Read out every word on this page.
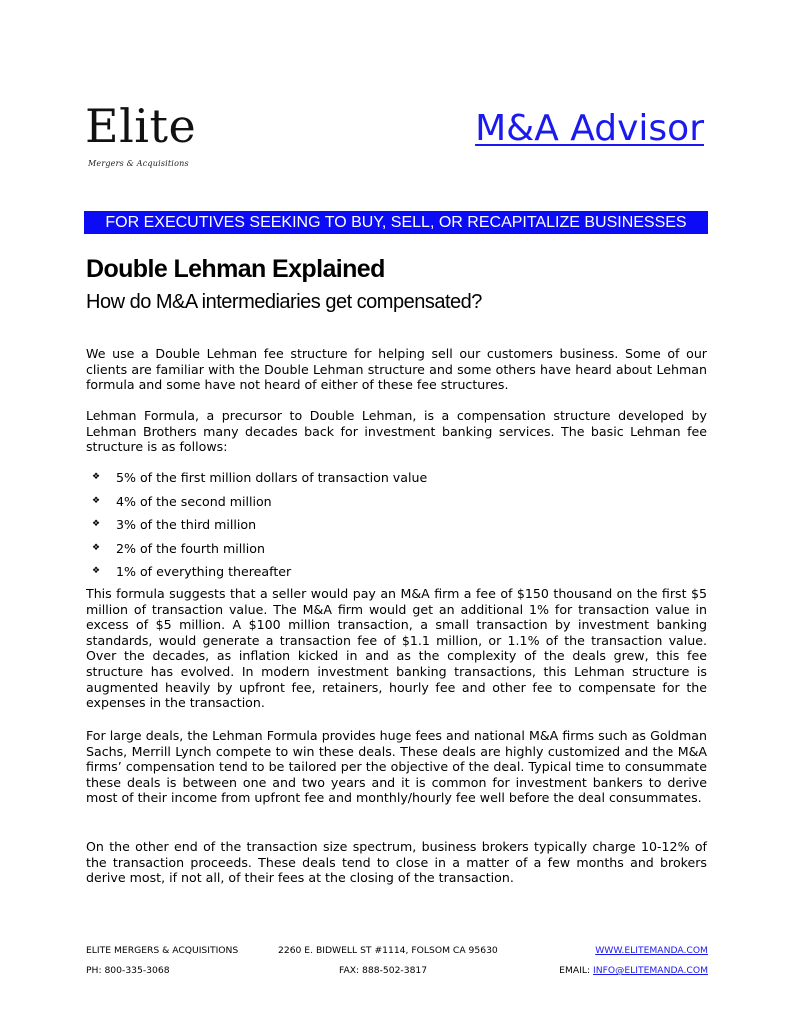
Elite
Mergers & Acquisitions
M&A Advisor
FOR EXECUTIVES SEEKING TO BUY, SELL, OR RECAPITALIZE BUSINESSES
Double Lehman Explained
How do M&A intermediaries get compensated?

We use a Double Lehman fee structure for helping sell our customers business. Some of our clients are familiar with the Double Lehman structure and some others have heard about Lehman formula and some have not heard of either of these fee structures.

Lehman Formula, a precursor to Double Lehman, is a compensation structure developed by Lehman Brothers many decades back for investment banking services. The basic Lehman fee structure is as follows:

❖	5% of the first million dollars of transaction value
❖	4% of the second million
❖	3% of the third million
❖	2% of the fourth million
❖	1% of everything thereafter

This formula suggests that a seller would pay an M&A firm a fee of $150 thousand on the first $5 million of transaction value. The M&A firm would get an additional 1% for transaction value in excess of $5 million. A $100 million transaction, a small transaction by investment banking standards, would generate a transaction fee of $1.1 million, or 1.1% of the transaction value. Over the decades, as inflation kicked in and as the complexity of the deals grew, this fee structure has evolved. In modern investment banking transactions, this Lehman structure is augmented heavily by upfront fee, retainers, hourly fee and other fee to compensate for the expenses in the transaction.

For large deals, the Lehman Formula provides huge fees and national M&A firms such as Goldman Sachs, Merrill Lynch compete to win these deals. These deals are highly customized and the M&A firms’ compensation tend to be tailored per the objective of the deal. Typical time to consummate these deals is between one and two years and it is common for investment bankers to derive most of their income from upfront fee and monthly/hourly fee well before the deal consummates.

On the other end of the transaction size spectrum, business brokers typically charge 10-12% of the transaction proceeds. These deals tend to close in a matter of a few months and brokers derive most, if not all, of their fees at the closing of the transaction.

ELITE MERGERS & ACQUISITIONS	2260 E. BIDWELL ST #1114, FOLSOM CA 95630	WWW.ELITEMANDA.COM
PH: 800-335-3068	FAX: 888-502-3817	EMAIL: INFO@ELITEMANDA.COM
